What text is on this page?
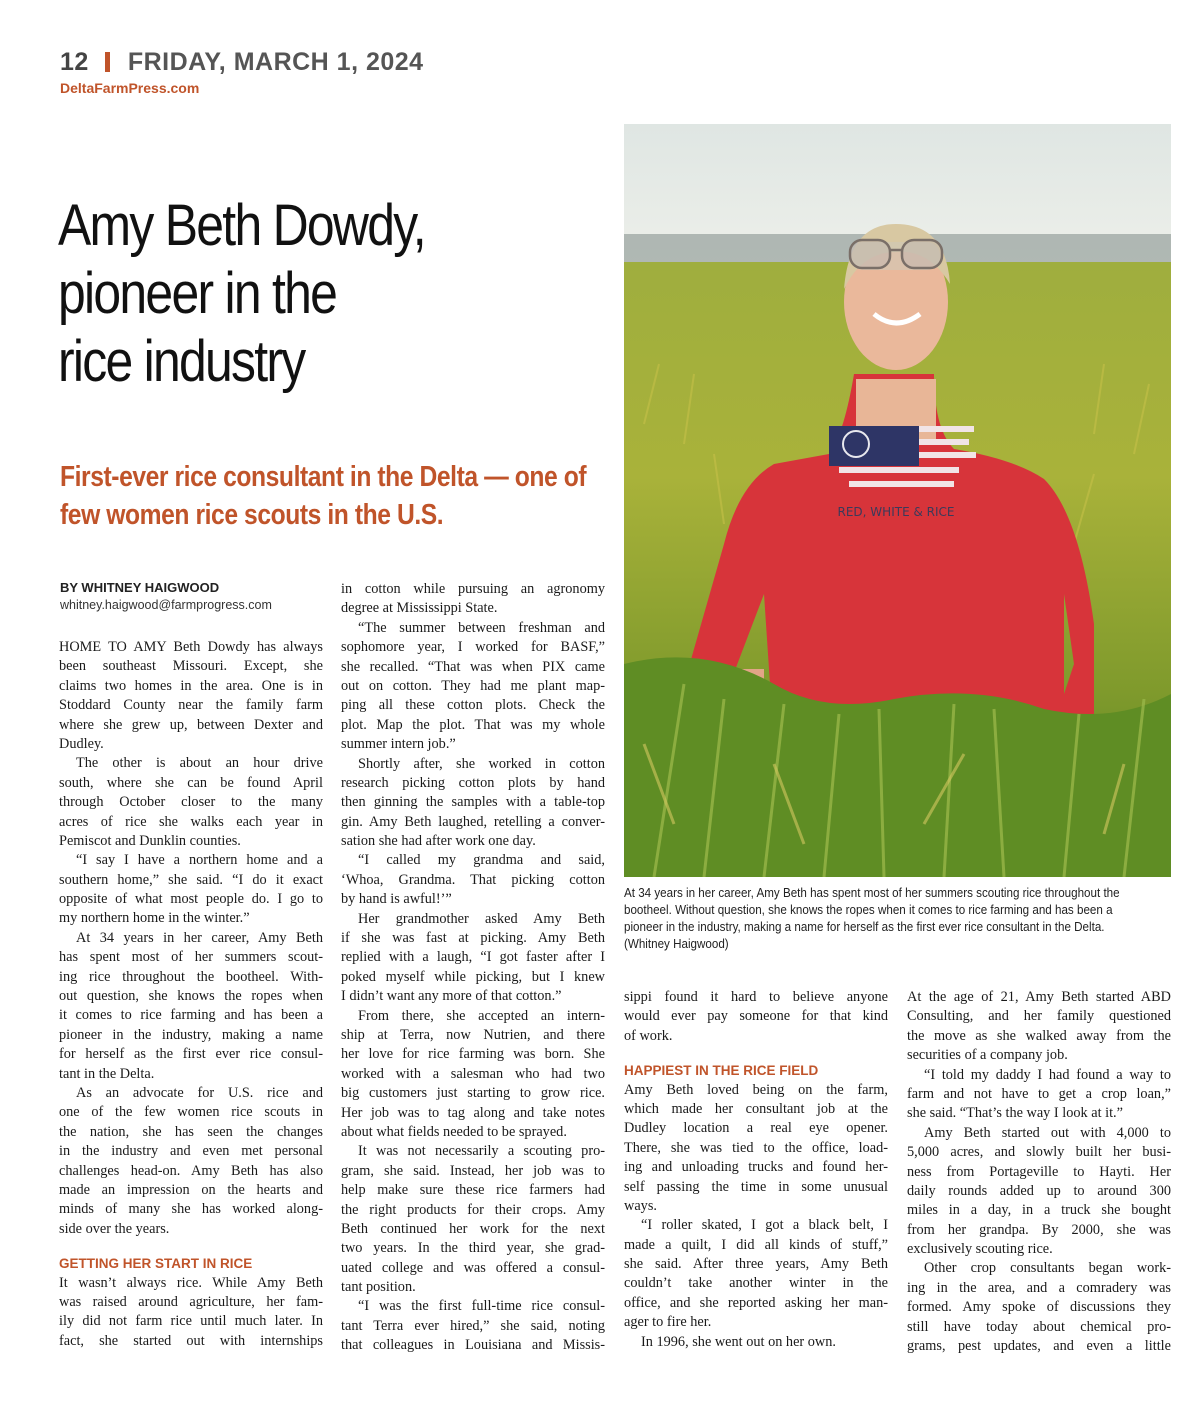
12 FRIDAY, MARCH 1, 2024
DeltaFarmPress.com
Amy Beth Dowdy,
pioneer in the
rice industry
First-ever rice consultant in the Delta — one of
few women rice scouts in the U.S.	RED, WHITE & RICE
At 34 years in her career, Amy Beth has spent most of her summers scouting rice throughout the
bootheel. Without question, she knows the ropes when it comes to rice farming and has been a
pioneer in the industry, making a name for herself as the first ever rice consultant in the Delta.
(Whitney Haigwood)
BY WHITNEY HAIGWOOD
whitney.haigwood@farmprogress.com
HOME TO AMY Beth Dowdy has always
been southeast Missouri. Except, she
claims two homes in the area. One is in
Stoddard County near the family farm
where she grew up, between Dexter and
Dudley.
The other is about an hour drive
south, where she can be found April
through October closer to the many
acres of rice she walks each year in
Pemiscot and Dunklin counties.
“I say I have a northern home and a
southern home,” she said. “I do it exact
opposite of what most people do. I go to
my northern home in the winter.”
At 34 years in her career, Amy Beth
has spent most of her summers scout-
ing rice throughout the bootheel. With-
out question, she knows the ropes when
it comes to rice farming and has been a
pioneer in the industry, making a name
for herself as the first ever rice consul-
tant in the Delta.
As an advocate for U.S. rice and
one of the few women rice scouts in
the nation, she has seen the changes
in the industry and even met personal
challenges head-on. Amy Beth has also
made an impression on the hearts and
minds of many she has worked along-
side over the years.
GETTING HER START IN RICE
It wasn’t always rice. While Amy Beth
was raised around agriculture, her fam-
ily did not farm rice until much later. In
fact, she started out with internships
in cotton while pursuing an agronomy
degree at Mississippi State.
“The summer between freshman and
sophomore year, I worked for BASF,”
she recalled. “That was when PIX came
out on cotton. They had me plant map-
ping all these cotton plots. Check the
plot. Map the plot. That was my whole
summer intern job.”
Shortly after, she worked in cotton
research picking cotton plots by hand
then ginning the samples with a table-top
gin. Amy Beth laughed, retelling a conver-
sation she had after work one day.
“I called my grandma and said,
‘Whoa, Grandma. That picking cotton
by hand is awful!’”
Her grandmother asked Amy Beth
if she was fast at picking. Amy Beth
replied with a laugh, “I got faster after I
poked myself while picking, but I knew
I didn’t want any more of that cotton.”
From there, she accepted an intern-
ship at Terra, now Nutrien, and there
her love for rice farming was born. She
worked with a salesman who had two
big customers just starting to grow rice.
Her job was to tag along and take notes
about what fields needed to be sprayed.
It was not necessarily a scouting pro-
gram, she said. Instead, her job was to
help make sure these rice farmers had
the right products for their crops. Amy
Beth continued her work for the next
two years. In the third year, she grad-
uated college and was offered a consul-
tant position.
“I was the first full-time rice consul-
tant Terra ever hired,” she said, noting
that colleagues in Louisiana and Missis-
sippi found it hard to believe anyone
would ever pay someone for that kind
of work.
HAPPIEST IN THE RICE FIELD
Amy Beth loved being on the farm,
which made her consultant job at the
Dudley location a real eye opener.
There, she was tied to the office, load-
ing and unloading trucks and found her-
self passing the time in some unusual
ways.
“I roller skated, I got a black belt, I
made a quilt, I did all kinds of stuff,”
she said. After three years, Amy Beth
couldn’t take another winter in the
office, and she reported asking her man-
ager to fire her.
In 1996, she went out on her own.
At the age of 21, Amy Beth started ABD
Consulting, and her family questioned
the move as she walked away from the
securities of a company job.
“I told my daddy I had found a way to
farm and not have to get a crop loan,”
she said. “That’s the way I look at it.”
Amy Beth started out with 4,000 to
5,000 acres, and slowly built her busi-
ness from Portageville to Hayti. Her
daily rounds added up to around 300
miles in a day, in a truck she bought
from her grandpa. By 2000, she was
exclusively scouting rice.
Other crop consultants began work-
ing in the area, and a comradery was
formed. Amy spoke of discussions they
still have today about chemical pro-
grams, pest updates, and even a little
